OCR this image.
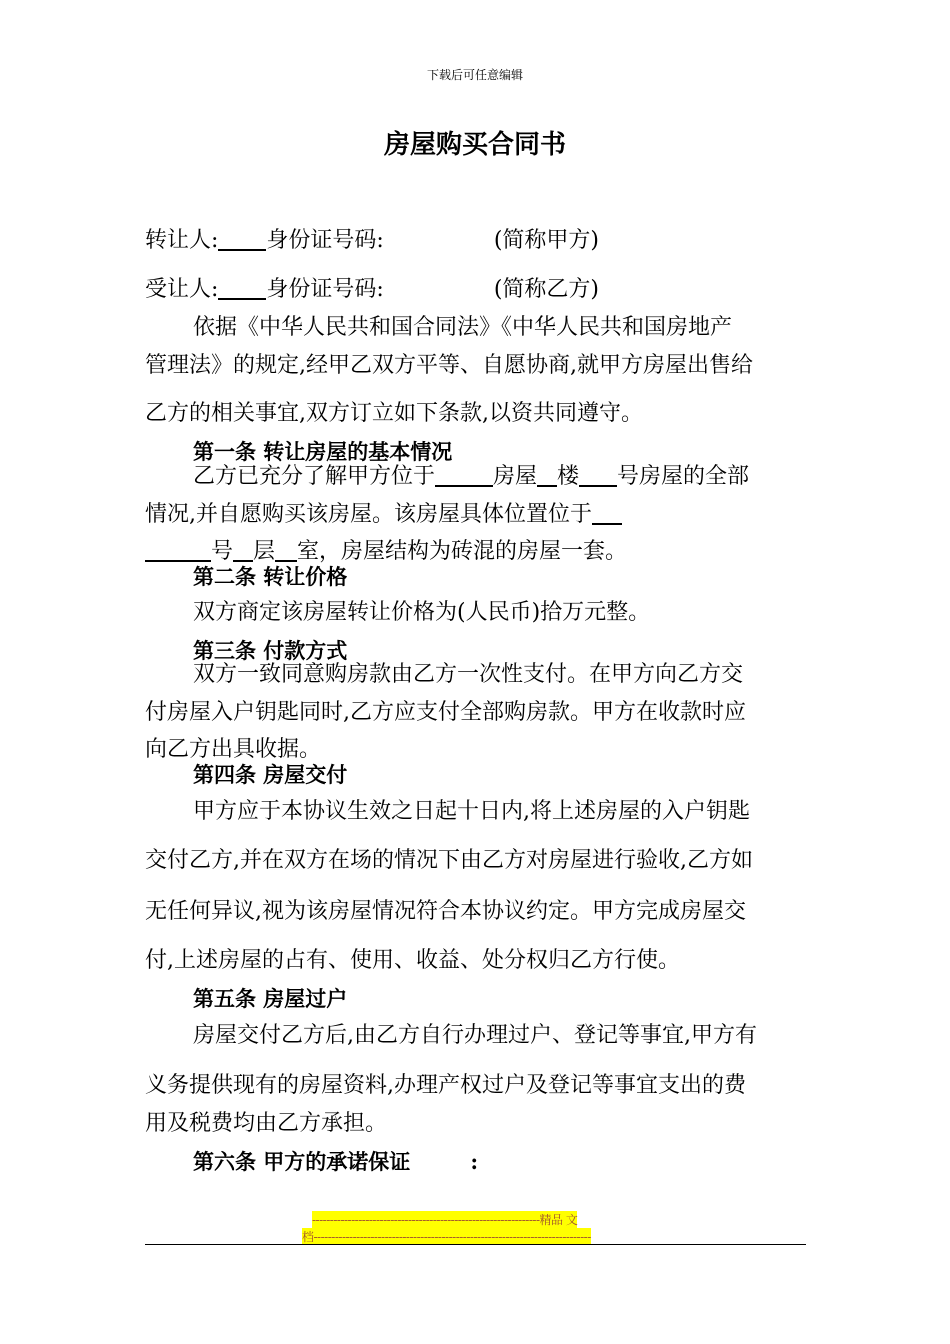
下载后可任意编辑
房屋购买合同书
转让人: 身份证号码:	(简称甲方)
受让人: 身份证号码:	(简称乙方)
依据《中华人民共和国合同法》《中华人民共和国房地产
管理法》的规定,经甲乙双方平等、自愿协商,就甲方房屋出售给
乙方的相关事宜,双方订立如下条款,以资共同遵守。
第一条 转让房屋的基本情况
乙方已充分了解甲方位于	房屋 楼 号房屋的全部
情况,并自愿购买该房屋。该房屋具体位置位于
号 层 室，房屋结构为砖混的房屋一套。
第二条 转让价格
双方商定该房屋转让价格为(人民币)拾万元整。
第三条 付款方式
双方一致同意购房款由乙方一次性支付。在甲方向乙方交
付房屋入户钥匙同时,乙方应支付全部购房款。甲方在收款时应
向乙方出具收据。
第四条 房屋交付
甲方应于本协议生效之日起十日内,将上述房屋的入户钥匙
交付乙方,并在双方在场的情况下由乙方对房屋进行验收,乙方如
无任何异议,视为该房屋情况符合本协议约定。甲方完成房屋交
付,上述房屋的占有、使用、收益、处分权归乙方行使。
第五条 房屋过户
房屋交付乙方后,由乙方自行办理过户、登记等事宜,甲方有
义务提供现有的房屋资料,办理产权过户及登记等事宜支出的费
用及税费均由乙方承担。
第六条 甲方的承诺保证	:
----------------------------------------------------------------精品 文
档------------------------------------------------------------------------------
